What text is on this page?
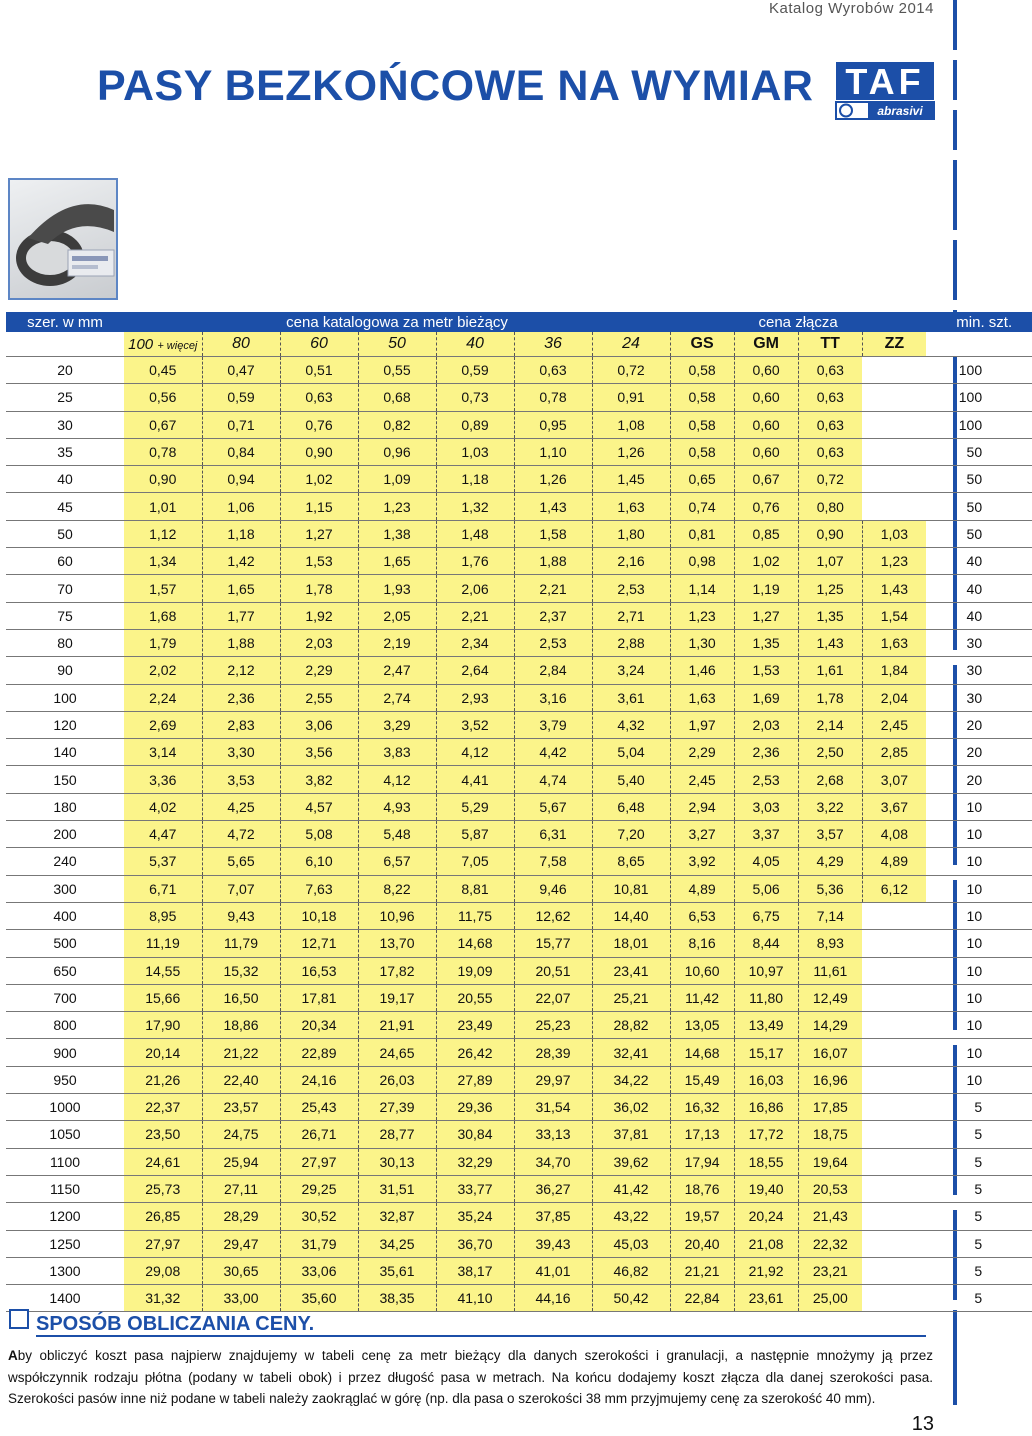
Katalog Wyrobów 2014
PASY BEZKOŃCOWE NA WYMIAR TAF
abrasivi
szer. w mm	cena katalogowa za metr bieżący							cena złącza				min. szt.
	100 + więcej	80	60	50	40	36	24	GS	GM	TT	ZZ	
20	0,45	0,47	0,51	0,55	0,59	0,63	0,72	0,58	0,60	0,63		100
25	0,56	0,59	0,63	0,68	0,73	0,78	0,91	0,58	0,60	0,63		100
30	0,67	0,71	0,76	0,82	0,89	0,95	1,08	0,58	0,60	0,63		100
35	0,78	0,84	0,90	0,96	1,03	1,10	1,26	0,58	0,60	0,63		50
40	0,90	0,94	1,02	1,09	1,18	1,26	1,45	0,65	0,67	0,72		50
45	1,01	1,06	1,15	1,23	1,32	1,43	1,63	0,74	0,76	0,80		50
50	1,12	1,18	1,27	1,38	1,48	1,58	1,80	0,81	0,85	0,90	1,03	50
60	1,34	1,42	1,53	1,65	1,76	1,88	2,16	0,98	1,02	1,07	1,23	40
70	1,57	1,65	1,78	1,93	2,06	2,21	2,53	1,14	1,19	1,25	1,43	40
75	1,68	1,77	1,92	2,05	2,21	2,37	2,71	1,23	1,27	1,35	1,54	40
80	1,79	1,88	2,03	2,19	2,34	2,53	2,88	1,30	1,35	1,43	1,63	30
90	2,02	2,12	2,29	2,47	2,64	2,84	3,24	1,46	1,53	1,61	1,84	30
100	2,24	2,36	2,55	2,74	2,93	3,16	3,61	1,63	1,69	1,78	2,04	30
120	2,69	2,83	3,06	3,29	3,52	3,79	4,32	1,97	2,03	2,14	2,45	20
140	3,14	3,30	3,56	3,83	4,12	4,42	5,04	2,29	2,36	2,50	2,85	20
150	3,36	3,53	3,82	4,12	4,41	4,74	5,40	2,45	2,53	2,68	3,07	20
180	4,02	4,25	4,57	4,93	5,29	5,67	6,48	2,94	3,03	3,22	3,67	10
200	4,47	4,72	5,08	5,48	5,87	6,31	7,20	3,27	3,37	3,57	4,08	10
240	5,37	5,65	6,10	6,57	7,05	7,58	8,65	3,92	4,05	4,29	4,89	10
300	6,71	7,07	7,63	8,22	8,81	9,46	10,81	4,89	5,06	5,36	6,12	10
400	8,95	9,43	10,18	10,96	11,75	12,62	14,40	6,53	6,75	7,14		10
500	11,19	11,79	12,71	13,70	14,68	15,77	18,01	8,16	8,44	8,93		10
650	14,55	15,32	16,53	17,82	19,09	20,51	23,41	10,60	10,97	11,61		10
700	15,66	16,50	17,81	19,17	20,55	22,07	25,21	11,42	11,80	12,49		10
800	17,90	18,86	20,34	21,91	23,49	25,23	28,82	13,05	13,49	14,29		10
900	20,14	21,22	22,89	24,65	26,42	28,39	32,41	14,68	15,17	16,07		10
950	21,26	22,40	24,16	26,03	27,89	29,97	34,22	15,49	16,03	16,96		10
1000	22,37	23,57	25,43	27,39	29,36	31,54	36,02	16,32	16,86	17,85		5
1050	23,50	24,75	26,71	28,77	30,84	33,13	37,81	17,13	17,72	18,75		5
1100	24,61	25,94	27,97	30,13	32,29	34,70	39,62	17,94	18,55	19,64		5
1150	25,73	27,11	29,25	31,51	33,77	36,27	41,42	18,76	19,40	20,53		5
1200	26,85	28,29	30,52	32,87	35,24	37,85	43,22	19,57	20,24	21,43		5
1250	27,97	29,47	31,79	34,25	36,70	39,43	45,03	20,40	21,08	22,32		5
1300	29,08	30,65	33,06	35,61	38,17	41,01	46,82	21,21	21,92	23,21		5
1400	31,32	33,00	35,60	38,35	41,10	44,16	50,42	22,84	23,61	25,00		5
SPOSÓB OBLICZANIA CENY.

Aby obliczyć koszt pasa najpierw znajdujemy w tabeli cenę za metr bieżący dla danych szerokości i granulacji, a następnie mnożymy ją przez współczynnik rodzaju płótna (podany w tabeli obok) i przez długość pasa w metrach. Na końcu dodajemy koszt złącza dla danej szerokości pasa. Szerokości pasów inne niż podane w tabeli należy zaokrąglać w górę (np. dla pasa o szerokości 38 mm przyjmujemy cenę za szerokość 40 mm).

13
